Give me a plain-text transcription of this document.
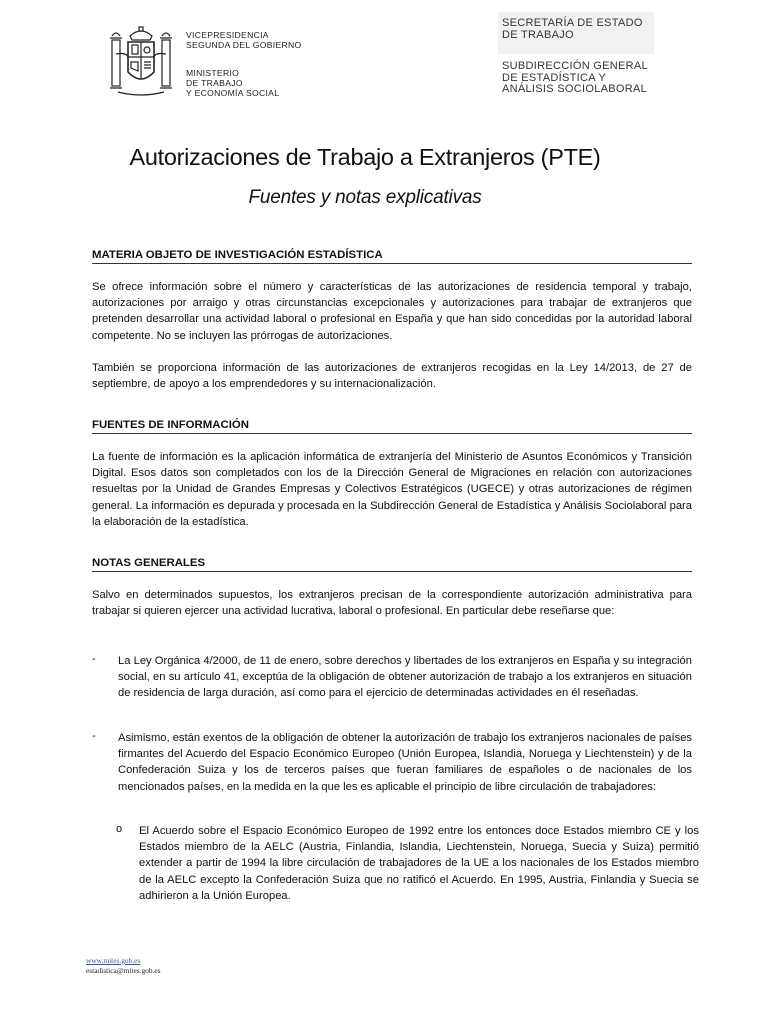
VICEPRESIDENCIA
SEGUNDA DEL GOBIERNO
MINISTERIO
DE TRABAJO
Y ECONOMÍA SOCIAL
SECRETARÍA DE ESTADO
DE TRABAJO
SUBDIRECCIÓN GENERAL
DE ESTADÍSTICA Y
ANÁLISIS SOCIOLABORAL
Autorizaciones de Trabajo a Extranjeros (PTE)
Fuentes y notas explicativas
MATERIA OBJETO DE INVESTIGACIÓN ESTADÍSTICA
Se ofrece información sobre el número y características de las autorizaciones de residencia temporal y trabajo, autorizaciones por arraigo y otras circunstancias excepcionales y autorizaciones para trabajar de extranjeros que pretenden desarrollar una actividad laboral o profesional en España y que han sido concedidas por la autoridad laboral competente. No se incluyen las prórrogas de autorizaciones.
También se proporciona información de las autorizaciones de extranjeros recogidas en la Ley 14/2013, de 27 de septiembre, de apoyo a los emprendedores y su internacionalización.
FUENTES DE INFORMACIÓN
La fuente de información es la aplicación informática de extranjería del Ministerio de Asuntos Económicos y Transición Digital. Esos datos son completados con los de la Dirección General de Migraciones en relación con autorizaciones resueltas por la Unidad de Grandes Empresas y Colectivos Estratégicos (UGECE) y otras autorizaciones de régimen general. La información es depurada y procesada en la Subdirección General de Estadística y Análisis Sociolaboral para la elaboración de la estadística.
NOTAS GENERALES
Salvo en determinados supuestos, los extranjeros precisan de la correspondiente autorización administrativa para trabajar si quieren ejercer una actividad lucrativa, laboral o profesional. En particular debe reseñarse que:
- La Ley Orgánica 4/2000, de 11 de enero, sobre derechos y libertades de los extranjeros en España y su integración social, en su artículo 41, exceptúa de la obligación de obtener autorización de trabajo a los extranjeros en situación de residencia de larga duración, así como para el ejercicio de determinadas actividades en él reseñadas.
- Asimismo, están exentos de la obligación de obtener la autorización de trabajo los extranjeros nacionales de países firmantes del Acuerdo del Espacio Económico Europeo (Unión Europea, Islandia, Noruega y Liechtenstein) y de la Confederación Suiza y los de terceros países que fueran familiares de españoles o de nacionales de los mencionados países, en la medida en la que les es aplicable el principio de libre circulación de trabajadores:
o El Acuerdo sobre el Espacio Económico Europeo de 1992 entre los entonces doce Estados miembro CE y los Estados miembro de la AELC (Austria, Finlandia, Islandia, Liechtenstein, Noruega, Suecia y Suiza) permitió extender a partir de 1994 la libre circulación de trabajadores de la UE a los nacionales de los Estados miembro de la AELC excepto la Confederación Suiza que no ratificó el Acuerdo. En 1995, Austria, Finlandia y Suecia se adhirieron a la Unión Europea.
www.mites.gob.es
estadistica@mites.gob.es
